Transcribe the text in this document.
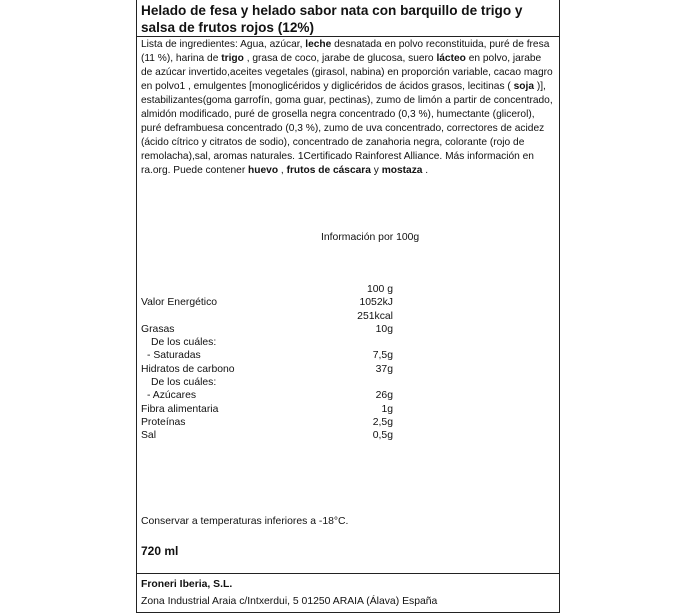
Helado de fesa y helado sabor nata con barquillo de trigo y salsa de frutos rojos (12%)
Lista de ingredientes: Agua, azúcar, leche desnatada en polvo reconstituida, puré de fresa (11 %), harina de trigo , grasa de coco, jarabe de glucosa, suero lácteo en polvo, jarabe de azúcar invertido,aceites vegetales (girasol, nabina) en proporción variable, cacao magro en polvo1 , emulgentes [monoglicéridos y diglicéridos de ácidos grasos, lecitinas ( soja )], estabilizantes(goma garrofín, goma guar, pectinas), zumo de limón a partir de concentrado, almidón modificado, puré de grosella negra concentrado (0,3 %), humectante (glicerol), puré deframbuesa concentrado (0,3 %), zumo de uva concentrado, correctores de acidez (ácido cítrico y citratos de sodio), concentrado de zanahoria negra, colorante (rojo de remolacha),sal, aromas naturales. 1Certificado Rainforest Alliance. Más información en ra.org. Puede contener huevo , frutos de cáscara y mostaza .
Información por 100g
100 g
Valor Energético	1052kJ
251kcal
Grasas	10g
De los cuáles:
- Saturadas	7,5g
Hidratos de carbono	37g
De los cuáles:
- Azúcares	26g
Fibra alimentaria	1g
Proteínas	2,5g
Sal	0,5g
Conservar a temperaturas inferiores a -18°C.
720 ml
Froneri Iberia, S.L.
Zona Industrial Araia c/Intxerdui, 5 01250 ARAIA (Álava) España
